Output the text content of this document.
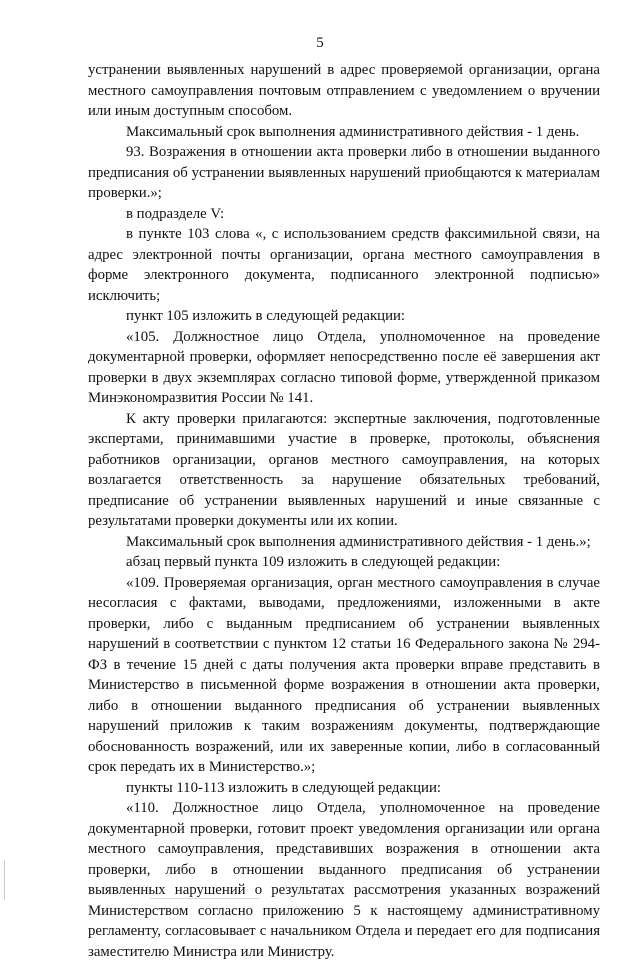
5

устранении выявленных нарушений в адрес проверяемой организации, органа местного самоуправления почтовым отправлением с уведомлением о вручении или иным доступным способом.

Максимальный срок выполнения административного действия - 1 день.

93. Возражения в отношении акта проверки либо в отношении выданного предписания об устранении выявленных нарушений приобщаются к материалам проверки.»;

в подразделе V:

в пункте 103 слова «, с использованием средств факсимильной связи, на адрес электронной почты организации, органа местного самоуправления в форме электронного документа, подписанного электронной подписью» исключить;

пункт 105 изложить в следующей редакции:

«105. Должностное лицо Отдела, уполномоченное на проведение документарной проверки, оформляет непосредственно после её завершения акт проверки в двух экземплярах согласно типовой форме, утвержденной приказом Минэкономразвития России № 141.

К акту проверки прилагаются: экспертные заключения, подготовленные экспертами, принимавшими участие в проверке, протоколы, объяснения работников организации, органов местного самоуправления, на которых возлагается ответственность за нарушение обязательных требований, предписание об устранении выявленных нарушений и иные связанные с результатами проверки документы или их копии.

Максимальный срок выполнения административного действия - 1 день.»;

абзац первый пункта 109 изложить в следующей редакции:

«109. Проверяемая организация, орган местного самоуправления в случае несогласия с фактами, выводами, предложениями, изложенными в акте проверки, либо с выданным предписанием об устранении выявленных нарушений в соответствии с пунктом 12 статьи 16 Федерального закона № 294-ФЗ в течение 15 дней с даты получения акта проверки вправе представить в Министерство в письменной форме возражения в отношении акта проверки, либо в отношении выданного предписания об устранении выявленных нарушений приложив к таким возражениям документы, подтверждающие обоснованность возражений, или их заверенные копии, либо в согласованный срок передать их в Министерство.»;

пункты 110-113 изложить в следующей редакции:

«110. Должностное лицо Отдела, уполномоченное на проведение документарной проверки, готовит проект уведомления организации или органа местного самоуправления, представивших возражения в отношении акта проверки, либо в отношении выданного предписания об устранении выявленных нарушений о результатах рассмотрения указанных возражений Министерством согласно приложению 5 к настоящему административному регламенту, согласовывает с начальником Отдела и передает его для подписания заместителю Министра или Министру.
